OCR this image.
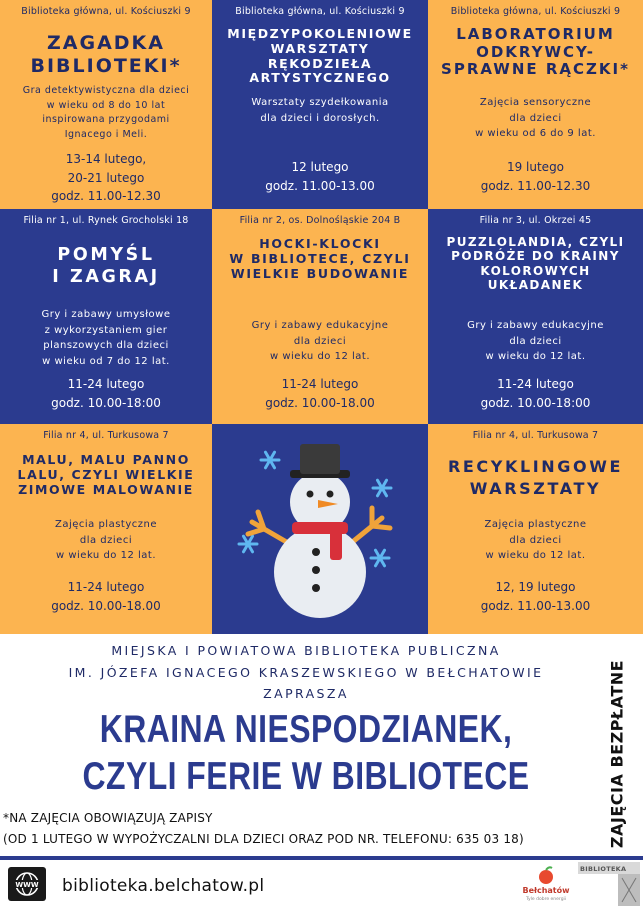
Biblioteka główna, ul. Kościuszki 9
ZAGADKA
BIBLIOTEKI*
Gra detektywistyczna dla dzieci
w wieku od 8 do 10 lat
inspirowana przygodami
Ignacego i Meli.
13-14 lutego,
20-21 lutego
godz. 11.00-12.30
Biblioteka główna, ul. Kościuszki 9
MIĘDZYPOKOLENIOWE
WARSZTATY RĘKODZIEŁA
ARTYSTYCZNEGO
Warsztaty szydełkowania
dla dzieci i dorosłych.
12 lutego
godz. 11.00-13.00
Biblioteka główna, ul. Kościuszki 9
LABORATORIUM
ODKRYWCY-
SPRAWNE RĄCZKI*
Zajęcia sensoryczne
dla dzieci
w wieku od 6 do 9 lat.
19 lutego
godz. 11.00-12.30
Filia nr 1, ul. Rynek Grocholski 18
POMYŚL
I ZAGRAJ
Gry i zabawy umysłowe
z wykorzystaniem gier
planszowych dla dzieci
w wieku od 7 do 12 lat.
11-24 lutego
godz. 10.00-18:00
Filia nr 2, os. Dolnośląskie 204 B
HOCKI-KLOCKI
W BIBLIOTECE, CZYLI
WIELKIE BUDOWANIE
Gry i zabawy edukacyjne
dla dzieci
w wieku do 12 lat.
11-24 lutego
godz. 10.00-18.00
Filia nr 3, ul. Okrzei 45
PUZZLOLANDIA, CZYLI
PODRÓŻE DO KRAINY
KOLOROWYCH
UKŁADANEK
Gry i zabawy edukacyjne
dla dzieci
w wieku do 12 lat.
11-24 lutego
godz. 10.00-18:00
Filia nr 4, ul. Turkusowa 7
MALU, MALU PANNO
LALU, CZYLI WIELKIE
ZIMOWE MALOWANIE
Zajęcia plastyczne
dla dzieci
w wieku do 12 lat.
11-24 lutego
godz. 10.00-18.00
Filia nr 4, ul. Turkusowa 7
RECYKLINGOWE
WARSZTATY
Zajęcia plastyczne
dla dzieci
w wieku do 12 lat.
12, 19 lutego
godz. 11.00-13.00
MIEJSKA I POWIATOWA BIBLIOTEKA PUBLICZNA
IM. JÓZEFA IGNACEGO KRASZEWSKIEGO W BEŁCHATOWIE
ZAPRASZA
KRAINA NIESPODZIANEK,
CZYLI FERIE W BIBLIOTECE
*NA ZAJĘCIA OBOWIĄZUJĄ ZAPISY
(OD 1 LUTEGO W WYPOŻYCZALNI DLA DZIECI ORAZ POD NR. TELEFONU: 635 03 18)	ZAJĘCIA BEZPŁATNE
WWW biblioteka.belchatow.pl	Bełchatów
Tyle dobre energii
BIBLIOTEKA
